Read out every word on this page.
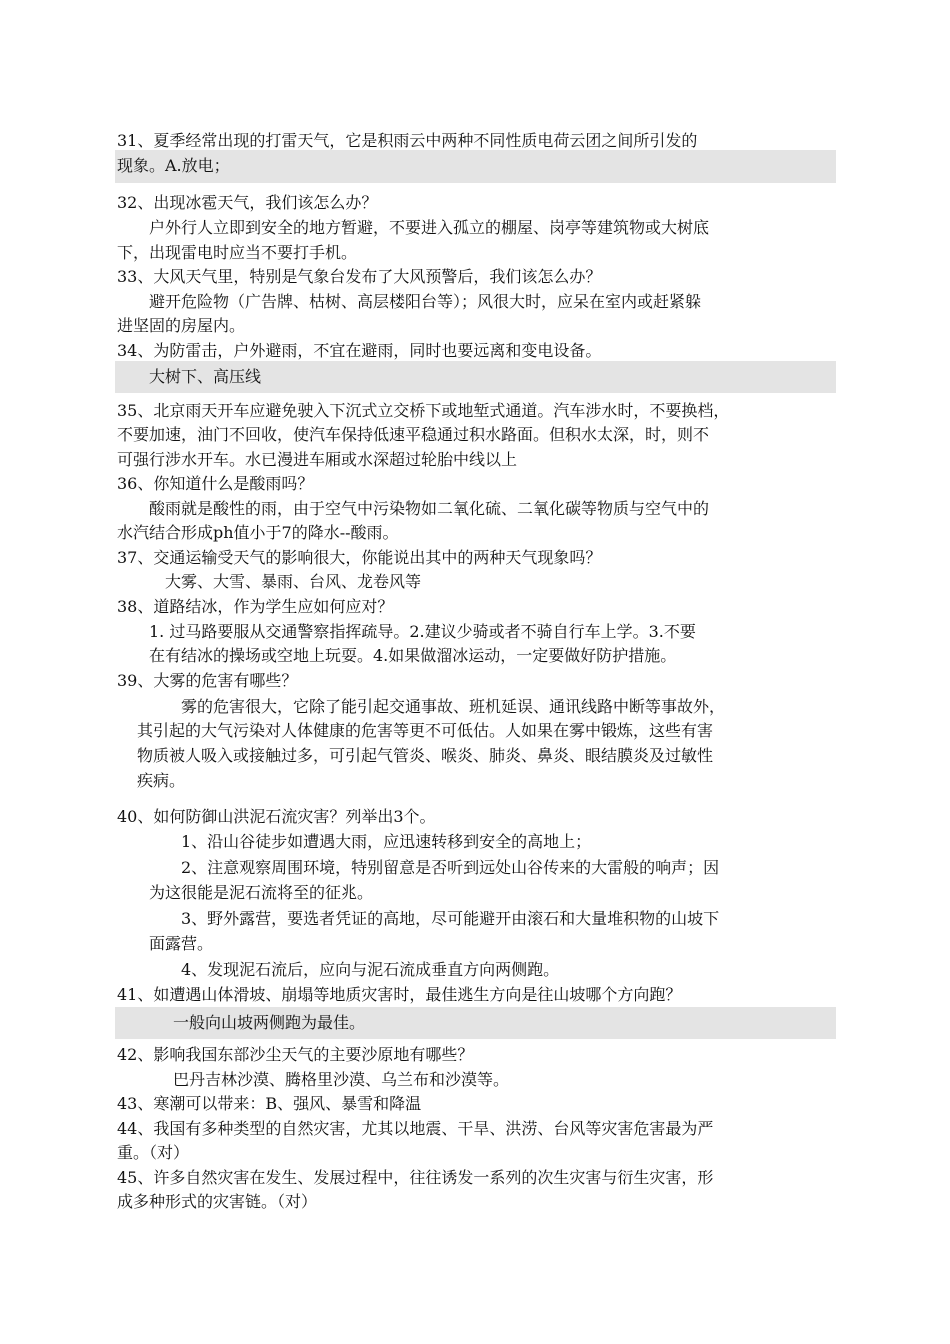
31、夏季经常出现的打雷天气，它是积雨云中两种不同性质电荷云团之间所引发的
现象。A.放电；
32、出现冰雹天气，我们该怎么办？
户外行人立即到安全的地方暂避，不要进入孤立的棚屋、岗亭等建筑物或大树底
下，出现雷电时应当不要打手机。
33、大风天气里，特别是气象台发布了大风预警后，我们该怎么办？
避开危险物（广告牌、枯树、高层楼阳台等）；风很大时，应呆在室内或赶紧躲
进坚固的房屋内。
34、为防雷击，户外避雨，不宜在避雨，同时也要远离和变电设备。
大树下、高压线
35、北京雨天开车应避免驶入下沉式立交桥下或地堑式通道。汽车涉水时，不要换档，
不要加速，油门不回收，使汽车保持低速平稳通过积水路面。但积水太深，时，则不
可强行涉水开车。水已漫进车厢或水深超过轮胎中线以上
36、你知道什么是酸雨吗？
酸雨就是酸性的雨，由于空气中污染物如二氧化硫、二氧化碳等物质与空气中的
水汽结合形成ph值小于7的降水--酸雨。
37、交通运输受天气的影响很大，你能说出其中的两种天气现象吗？
大雾、大雪、暴雨、台风、龙卷风等
38、道路结冰，作为学生应如何应对？
1. 过马路要服从交通警察指挥疏导。2.建议少骑或者不骑自行车上学。3.不要
在有结冰的操场或空地上玩耍。4.如果做溜冰运动，一定要做好防护措施。
39、大雾的危害有哪些？
雾的危害很大，它除了能引起交通事故、班机延误、通讯线路中断等事故外，
其引起的大气污染对人体健康的危害等更不可低估。人如果在雾中锻炼，这些有害
物质被人吸入或接触过多，可引起气管炎、喉炎、肺炎、鼻炎、眼结膜炎及过敏性
疾病。
40、如何防御山洪泥石流灾害？列举出3个。
1、沿山谷徒步如遭遇大雨，应迅速转移到安全的高地上；
2、注意观察周围环境，特别留意是否听到远处山谷传来的大雷般的响声；因
为这很能是泥石流将至的征兆。
3、野外露营，要选者凭证的高地，尽可能避开由滚石和大量堆积物的山坡下
面露营。
4、发现泥石流后，应向与泥石流成垂直方向两侧跑。
41、如遭遇山体滑坡、崩塌等地质灾害时，最佳逃生方向是往山坡哪个方向跑？
一般向山坡两侧跑为最佳。
42、影响我国东部沙尘天气的主要沙原地有哪些？
巴丹吉林沙漠、腾格里沙漠、乌兰布和沙漠等。
43、寒潮可以带来：B、强风、暴雪和降温
44、我国有多种类型的自然灾害，尤其以地震、干旱、洪涝、台风等灾害危害最为严
重。（对）
45、许多自然灾害在发生、发展过程中，往往诱发一系列的次生灾害与衍生灾害，形
成多种形式的灾害链。（对）
